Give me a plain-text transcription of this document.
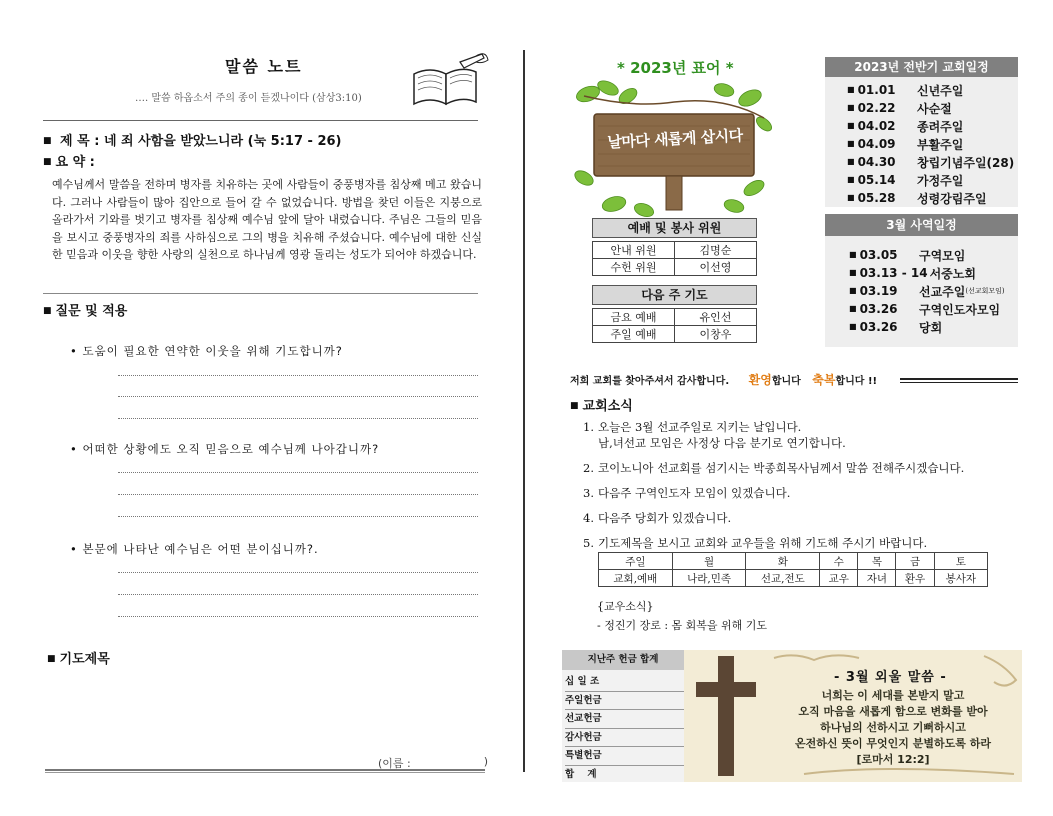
말씀 노트
…. 말씀 하옵소서 주의 종이 듣겠나이다 (삼상3:10)
■ 제 목 : 네 죄 사함을 받았느니라 (눅 5:17 - 26)
■ 요 약 :
예수님께서 말씀을 전하며 병자를 치유하는 곳에 사람들이 중풍병자를 침상째 메고 왔습니다. 그러나 사람들이 많아 집안으로 들어 갈 수 없었습니다. 방법을 찾던 이들은 지붕으로 올라가서 기와를 벗기고 병자를 침상째 예수님 앞에 달아 내렸습니다. 주님은 그들의 믿음을 보시고 중풍병자의 죄를 사하심으로 그의 병을 치유해 주셨습니다. 예수님에 대한 신실한 믿음과 이웃을 향한 사랑의 실천으로 하나님께 영광 돌리는 성도가 되어야 하겠습니다.
■ 질문 및 적용
• 도움이 필요한 연약한 이웃을 위해 기도합니까?
• 어떠한 상황에도 오직 믿음으로 예수님께 나아갑니까?
• 본문에 나타난 예수님은 어떤 분이십니까?.
■ 기도제목
(이름 :	)
* 2023년 표어 *
날마다 새롭게 삽시다
예배 및 봉사 위원
안내 위원	김명순
수헌 위원	이선영
다음 주 기도
금요 예배	유인선
주일 예배	이창우
2023년 전반기 교회일정
■ 01.01	신년주일
■ 02.22	사순절
■ 04.02	종려주일
■ 04.09	부활주일
■ 04.30	창립기념주일(28)
■ 05.14	가정주일
■ 05.28	성령강림주일
3월 사역일정
■ 03.05	구역모임
■ 03.13 - 14 서중노회
■ 03.19	선교주일 (선교회모임)
■ 03.26	구역인도자모임
■ 03.26	당회
저희 교회를 찾아주셔서 감사합니다. 환영합니다 축복합니다 !!
■ 교회소식
1. 오늘은 3월 선교주일로 지키는 날입니다.
남,녀선교 모임은 사정상 다음 분기로 연기합니다.
2. 코이노니아 선교회를 섬기시는 박종희목사님께서 말씀 전해주시겠습니다.
3. 다음주 구역인도자 모임이 있겠습니다.
4. 다음주 당회가 있겠습니다.
5. 기도제목을 보시고 교회와 교우들을 위해 기도해 주시기 바랍니다.
주일	월	화	수	목	금	토
교회,예배	나라,민족	선교,전도	교우	자녀	환우	봉사자
{교우소식}
- 정진기 장로 : 몸 회복을 위해 기도
지난주 헌금 합계
십 일 조
주일헌금
선교헌금
감사헌금
특별헌금
합    계
- 3월 외울 말씀 -
너희는 이 세대를 본받지 말고
오직 마음을 새롭게 함으로 변화를 받아
하나님의 선하시고 기뻐하시고
온전하신 뜻이 무엇인지 분별하도록 하라
[로마서 12:2]
